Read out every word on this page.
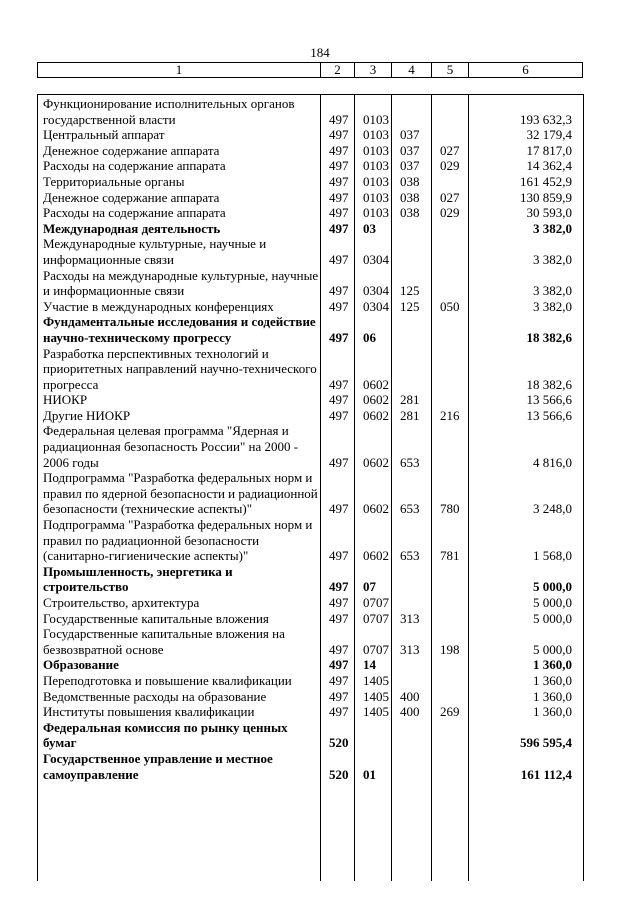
184
1	2	3	4	5	6
Функционирование исполнительных органов государственной власти	497	0103			193 632,3
Центральный аппарат	497	0103	037		32 179,4
Денежное содержание аппарата	497	0103	037	027	17 817,0
Расходы на содержание аппарата	497	0103	037	029	14 362,4
Территориальные органы	497	0103	038		161 452,9
Денежное содержание аппарата	497	0103	038	027	130 859,9
Расходы на содержание аппарата	497	0103	038	029	30 593,0
Международная деятельность	497	03			3 382,0
Международные культурные, научные и информационные связи	497	0304			3 382,0
Расходы на международные культурные, научные и информационные связи	497	0304	125		3 382,0
Участие в международных конференциях	497	0304	125	050	3 382,0
Фундаментальные исследования и содействие научно-техническому прогрессу	497	06			18 382,6
Разработка перспективных технологий и приоритетных направлений научно-технического прогресса	497	0602			18 382,6
НИОКР	497	0602	281		13 566,6
Другие НИОКР	497	0602	281	216	13 566,6
Федеральная целевая программа "Ядерная и радиационная безопасность России" на 2000 - 2006 годы	497	0602	653		4 816,0
Подпрограмма "Разработка федеральных норм и правил по ядерной безопасности и радиационной безопасности (технические аспекты)"	497	0602	653	780	3 248,0
Подпрограмма "Разработка федеральных норм и правил по радиационной безопасности (санитарно-гигиенические аспекты)"	497	0602	653	781	1 568,0
Промышленность, энергетика и строительство	497	07			5 000,0
Строительство, архитектура	497	0707			5 000,0
Государственные капитальные вложения	497	0707	313		5 000,0
Государственные капитальные вложения на безвозвратной основе	497	0707	313	198	5 000,0
Образование	497	14			1 360,0
Переподготовка и повышение квалификации	497	1405			1 360,0
Ведомственные расходы на образование	497	1405	400		1 360,0
Институты повышения квалификации	497	1405	400	269	1 360,0
Федеральная комиссия по рынку ценных бумаг	520				596 595,4
Государственное управление и местное самоуправление	520	01			161 112,4
